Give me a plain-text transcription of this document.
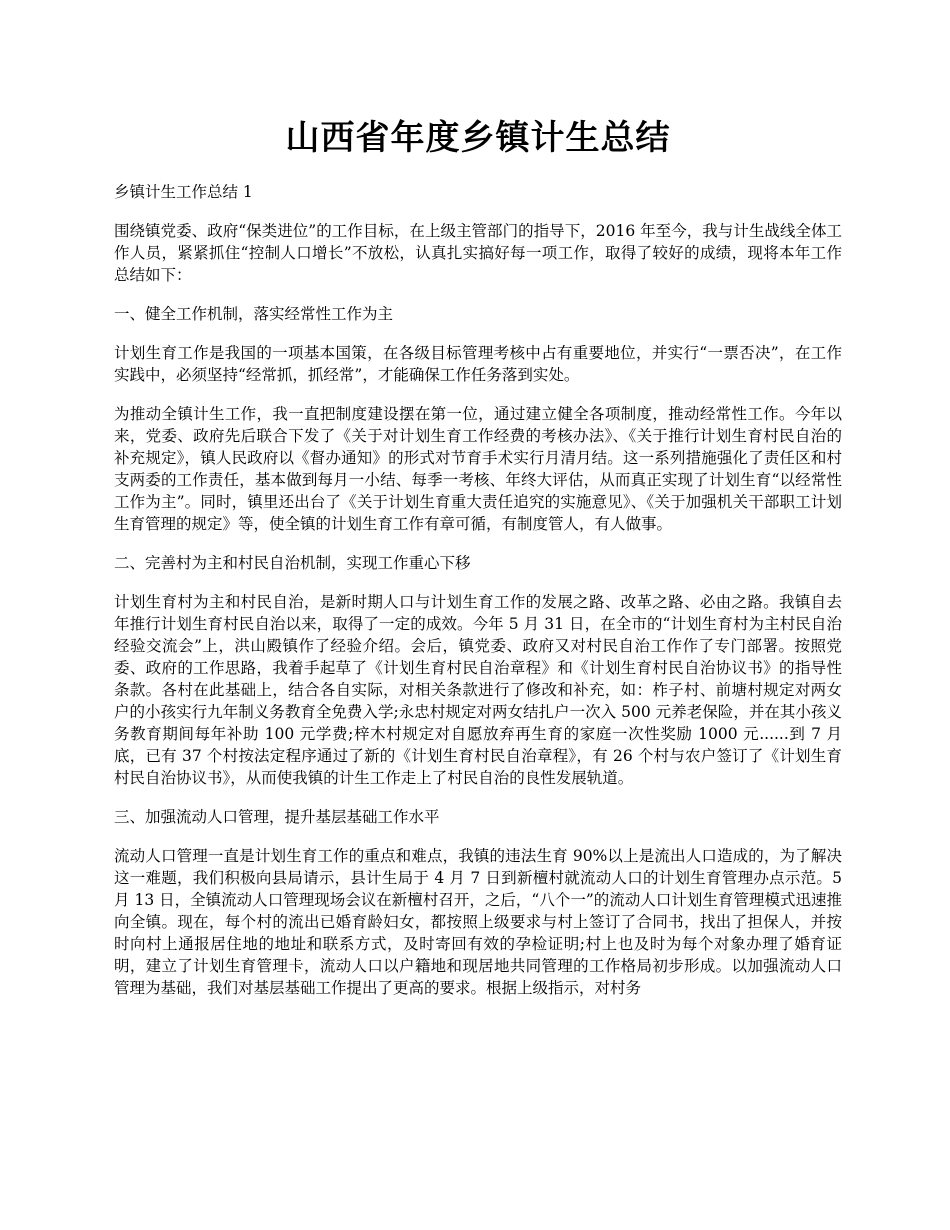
山西省年度乡镇计生总结

乡镇计生工作总结 1

围绕镇党委、政府“保类进位”的工作目标，在上级主管部门的指导下，2016 年至今，我与计生战线全体工作人员，紧紧抓住“控制人口增长”不放松，认真扎实搞好每一项工作，取得了较好的成绩，现将本年工作总结如下：

一、健全工作机制，落实经常性工作为主

计划生育工作是我国的一项基本国策，在各级目标管理考核中占有重要地位，并实行“一票否决”，在工作实践中，必须坚持“经常抓，抓经常”，才能确保工作任务落到实处。

为推动全镇计生工作，我一直把制度建设摆在第一位，通过建立健全各项制度，推动经常性工作。今年以来，党委、政府先后联合下发了《关于对计划生育工作经费的考核办法》、《关于推行计划生育村民自治的补充规定》，镇人民政府以《督办通知》的形式对节育手术实行月清月结。这一系列措施强化了责任区和村支两委的工作责任，基本做到每月一小结、每季一考核、年终大评估，从而真正实现了计划生育“以经常性工作为主”。同时，镇里还出台了《关于计划生育重大责任追究的实施意见》、《关于加强机关干部职工计划生育管理的规定》等，使全镇的计划生育工作有章可循，有制度管人，有人做事。

二、完善村为主和村民自治机制，实现工作重心下移

计划生育村为主和村民自治，是新时期人口与计划生育工作的发展之路、改革之路、必由之路。我镇自去年推行计划生育村民自治以来，取得了一定的成效。今年 5 月 31 日，在全市的“计划生育村为主村民自治经验交流会”上，洪山殿镇作了经验介绍。会后，镇党委、政府又对村民自治工作作了专门部署。按照党委、政府的工作思路，我着手起草了《计划生育村民自治章程》和《计划生育村民自治协议书》的指导性条款。各村在此基础上，结合各自实际，对相关条款进行了修改和补充，如：柞子村、前塘村规定对两女户的小孩实行九年制义务教育全免费入学;永忠村规定对两女结扎户一次入 500 元养老保险，并在其小孩义务教育期间每年补助 100 元学费;梓木村规定对自愿放弃再生育的家庭一次性奖励 1000 元......到 7 月底，已有 37 个村按法定程序通过了新的《计划生育村民自治章程》，有 26 个村与农户签订了《计划生育村民自治协议书》，从而使我镇的计生工作走上了村民自治的良性发展轨道。

三、加强流动人口管理，提升基层基础工作水平

流动人口管理一直是计划生育工作的重点和难点，我镇的违法生育 90%以上是流出人口造成的，为了解决这一难题，我们积极向县局请示，县计生局于 4 月 7 日到新檀村就流动人口的计划生育管理办点示范。5 月 13 日，全镇流动人口管理现场会议在新檀村召开，之后，“八个一”的流动人口计划生育管理模式迅速推向全镇。现在，每个村的流出已婚育龄妇女，都按照上级要求与村上签订了合同书，找出了担保人，并按时向村上通报居住地的地址和联系方式，及时寄回有效的孕检证明;村上也及时为每个对象办理了婚育证明，建立了计划生育管理卡，流动人口以户籍地和现居地共同管理的工作格局初步形成。以加强流动人口管理为基础，我们对基层基础工作提出了更高的要求。根据上级指示，对村务
